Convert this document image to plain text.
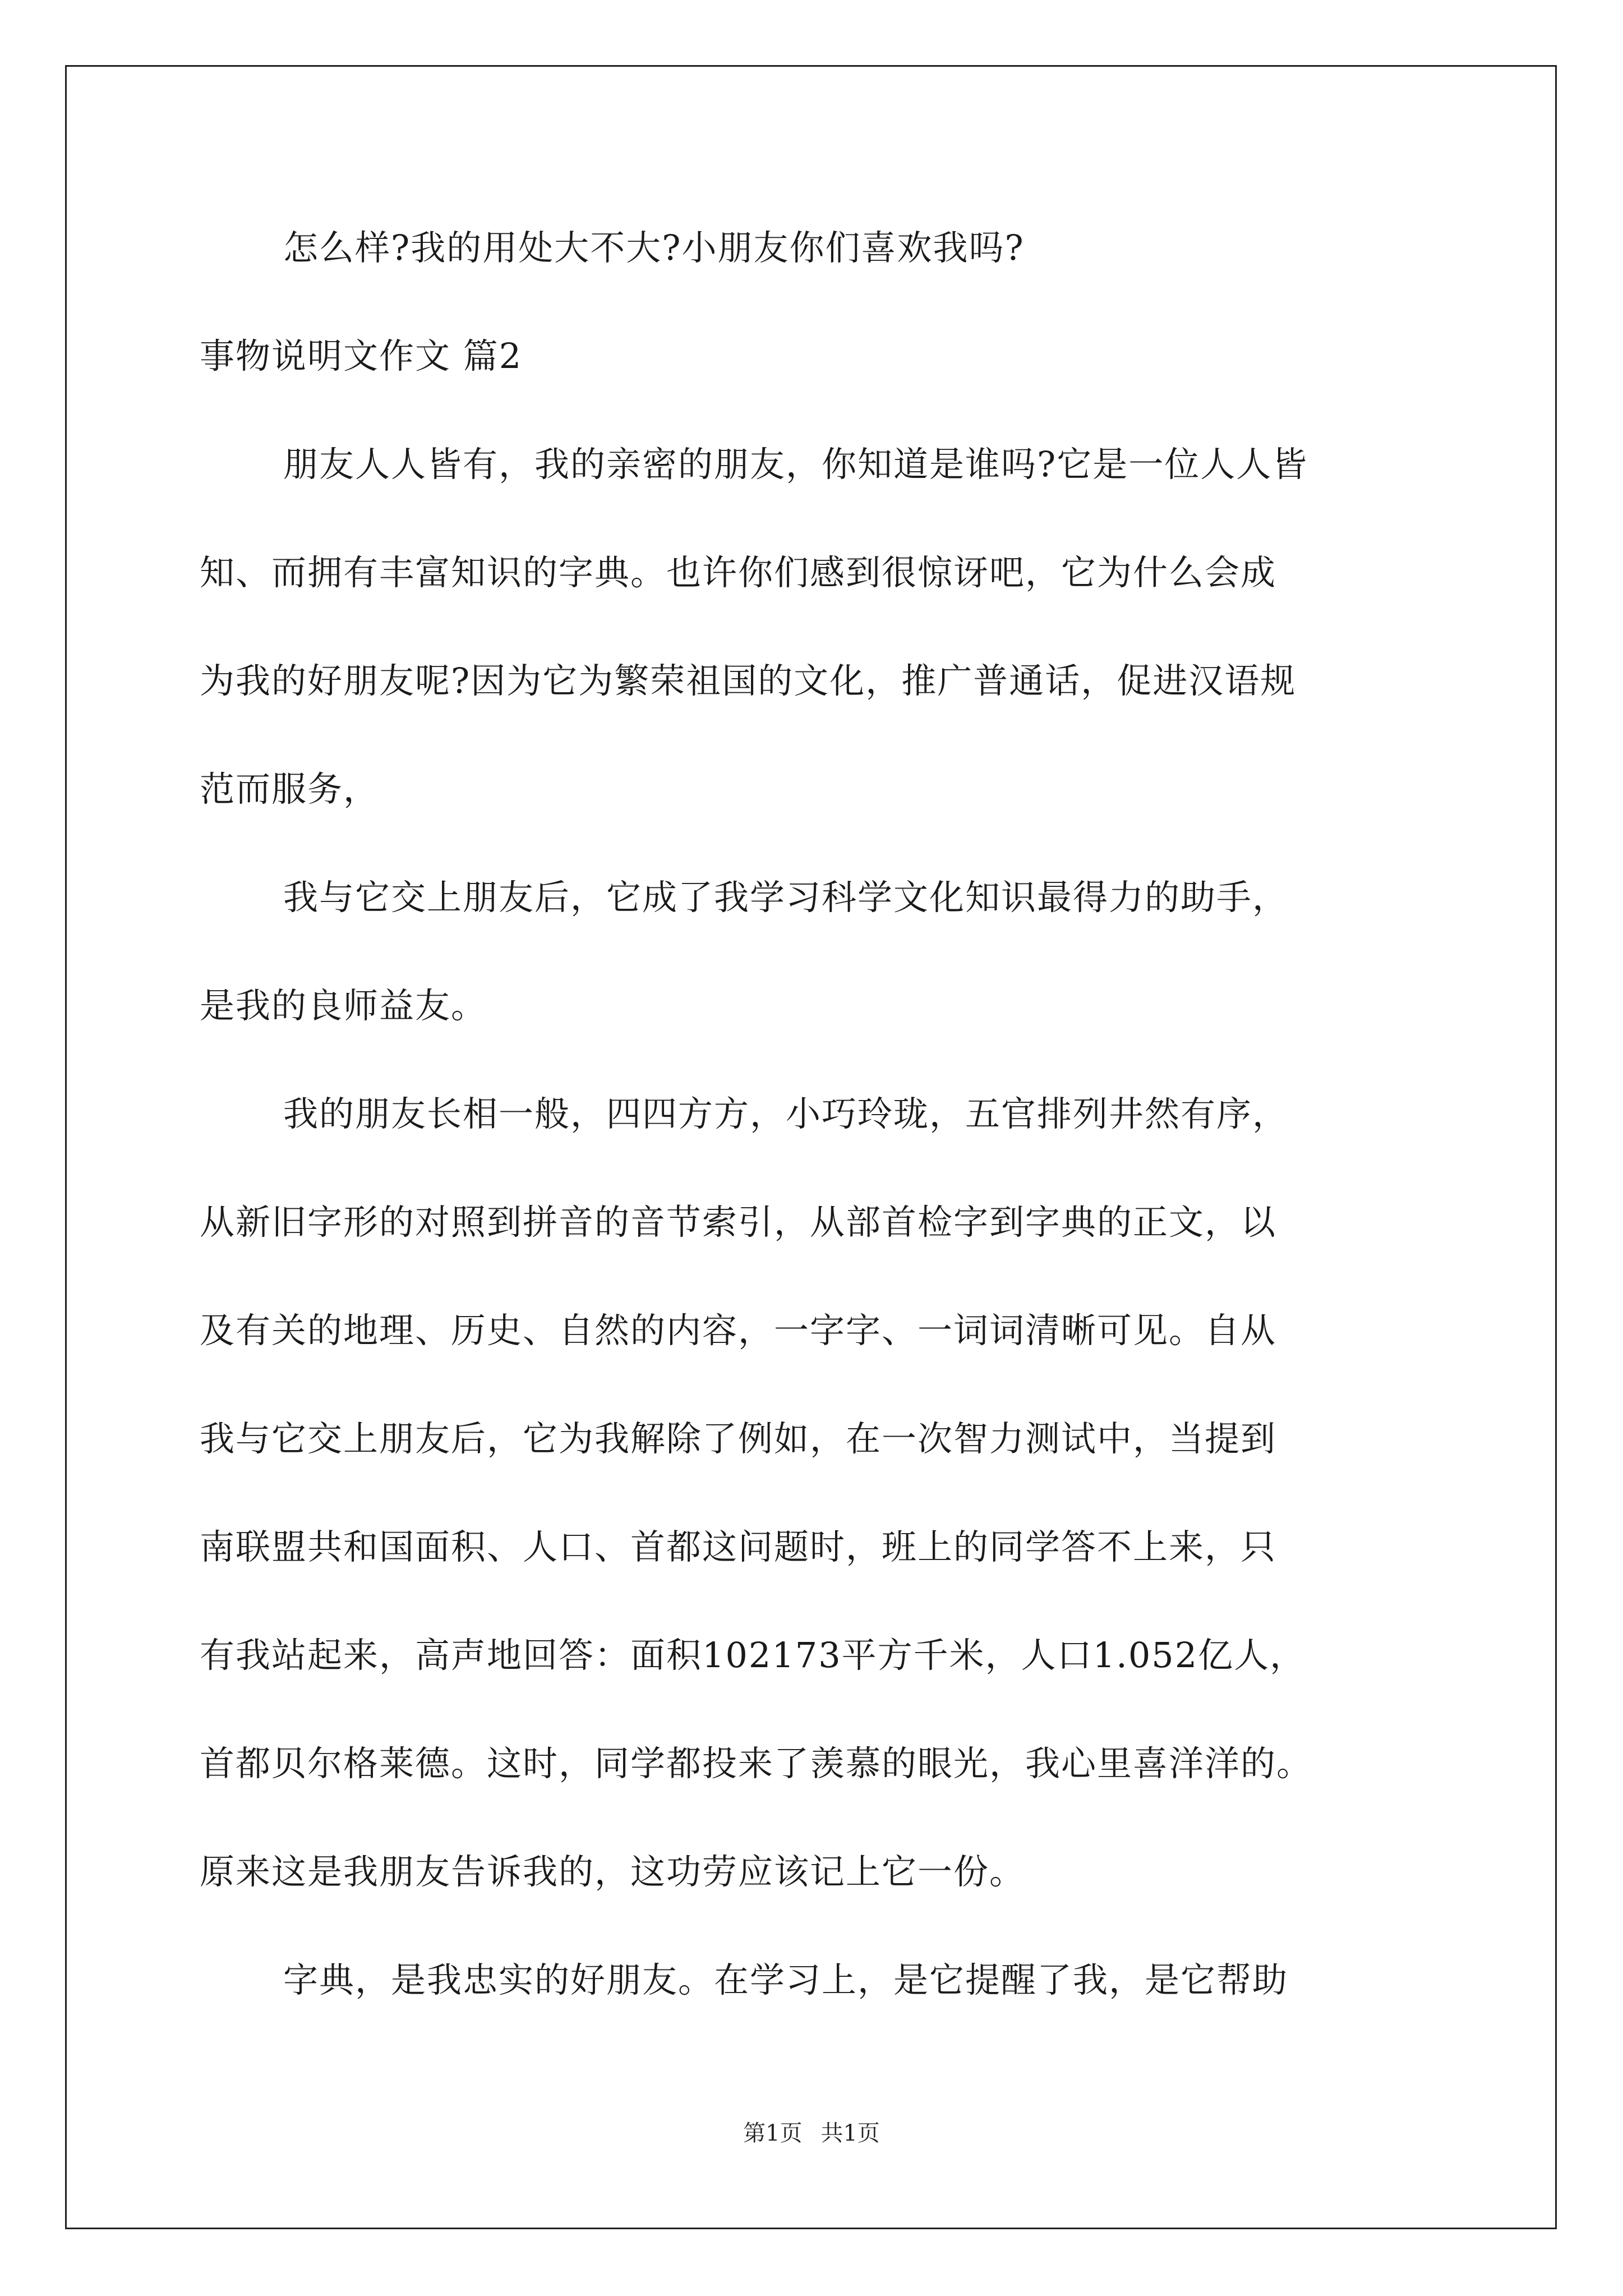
怎么样?我的用处大不大?小朋友你们喜欢我吗?
事物说明文作文 篇2
朋友人人皆有，我的亲密的朋友，你知道是谁吗?它是一位人人皆
知、而拥有丰富知识的字典。也许你们感到很惊讶吧，它为什么会成
为我的好朋友呢?因为它为繁荣祖国的文化，推广普通话，促进汉语规
范而服务，
我与它交上朋友后，它成了我学习科学文化知识最得力的助手，
是我的良师益友。
我的朋友长相一般，四四方方，小巧玲珑，五官排列井然有序，
从新旧字形的对照到拼音的音节索引，从部首检字到字典的正文，以
及有关的地理、历史、自然的内容，一字字、一词词清晰可见。自从
我与它交上朋友后，它为我解除了例如，在一次智力测试中，当提到
南联盟共和国面积、人口、首都这问题时，班上的同学答不上来，只
有我站起来，高声地回答：面积102173平方千米，人口1.052亿人，
首都贝尔格莱德。这时，同学都投来了羡慕的眼光，我心里喜洋洋的。
原来这是我朋友告诉我的，这功劳应该记上它一份。
字典，是我忠实的好朋友。在学习上，是它提醒了我，是它帮助
第1页 共1页
